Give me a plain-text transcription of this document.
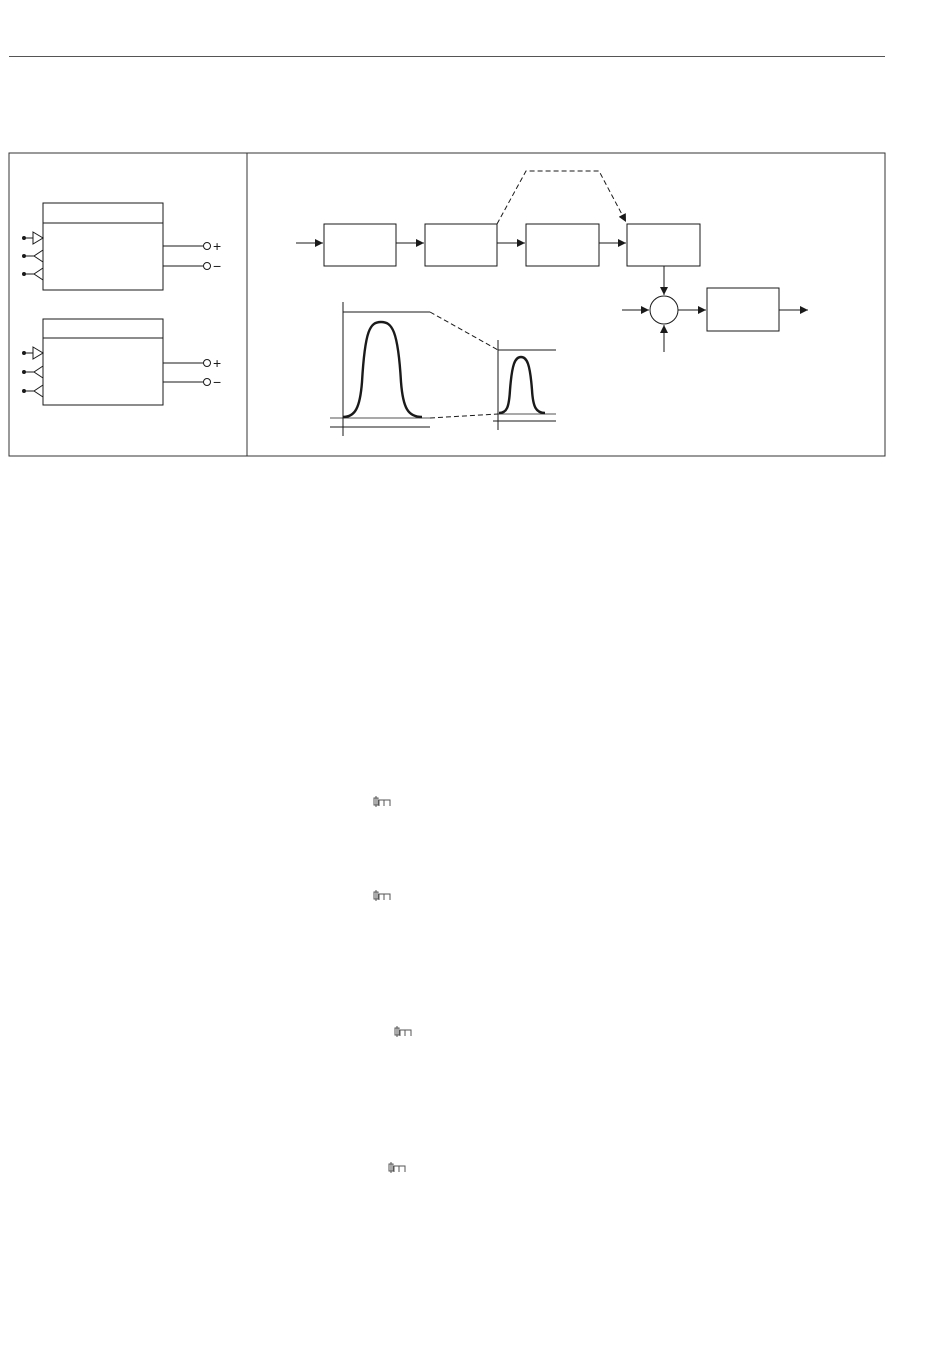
+
−
+
−
